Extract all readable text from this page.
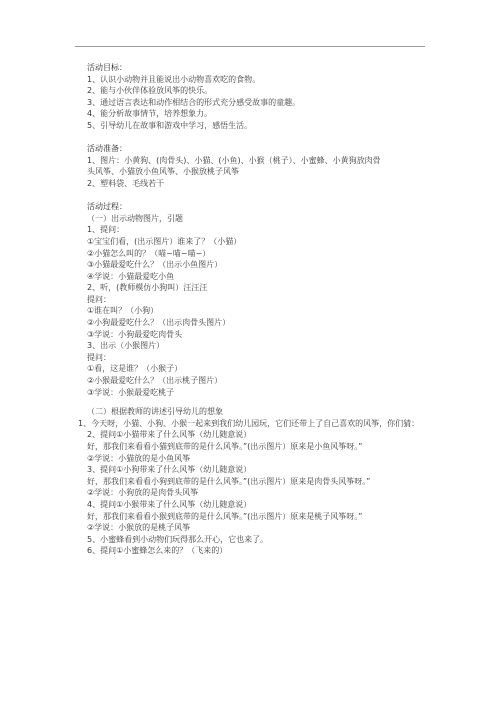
活动目标：
1、认识小动物并且能说出小动物喜欢吃的食物。
2、能与小伙伴体验放风筝的快乐。
3、通过语言表达和动作相结合的形式充分感受故事的童趣。
4、能分析故事情节，培养想象力。
5、引导幼儿在故事和游戏中学习，感悟生活。
活动准备：
1、图片：小黄狗、(肉骨头)、小猫、(小鱼)、小猴（桃子）、小蜜蜂、小黄狗放肉骨
头风筝、小猫放小鱼风筝、小猴放桃子风筝
2、塑料袋、毛线若干
活动过程：
（一）出示动物图片，引题
1、提问：
①宝宝们看，(出示图片）谁来了？（小猫）
②小猫怎么叫的？（喵~喵~喵~）
③小猫最爱吃什么？（出示小鱼图片）
④学说：小猫最爱吃小鱼
2、听，(教师模仿小狗叫）汪汪汪
提问：
①谁在叫？（小狗）
②小狗最爱吃什么？（出示肉骨头图片）
③学说：小狗最爱吃肉骨头
3、出示（小猴图片）
提问：
①看，这是谁？（小猴子）
②小猴最爱吃什么？（出示桃子图片）
③学说：小猴最爱吃桃子
（二）根据教师的讲述引导幼儿的想象
1、今天呀，小猫、小狗、小猴一起来到我们幼儿园玩，它们还带上了自己喜欢的风筝，你们猜：
2、提问①小猫带来了什么风筝（幼儿随意说）
好，那我们来看看小猫到底带的是什么风筝。”(出示图片）原来是小鱼风筝呀。”
②学说：小猫放的是小鱼风筝
3、提问①小狗带来了什么风筝（幼儿随意说）
好，那我们来看看小狗到底带的是什么风筝。”(出示图片）原来是肉骨头风筝呀。”
②学说：小狗放的是肉骨头风筝
4、提问①小猴带来了什么风筝（幼儿随意说）
好，那我们来看看小猴到底带的是什么风筝。”(出示图片）原来是桃子风筝呀。”
②学说：小猴放的是桃子风筝
5、小蜜蜂看到小动物们玩得那么开心，它也来了。
6、提问①小蜜蜂怎么来的？（飞来的）
